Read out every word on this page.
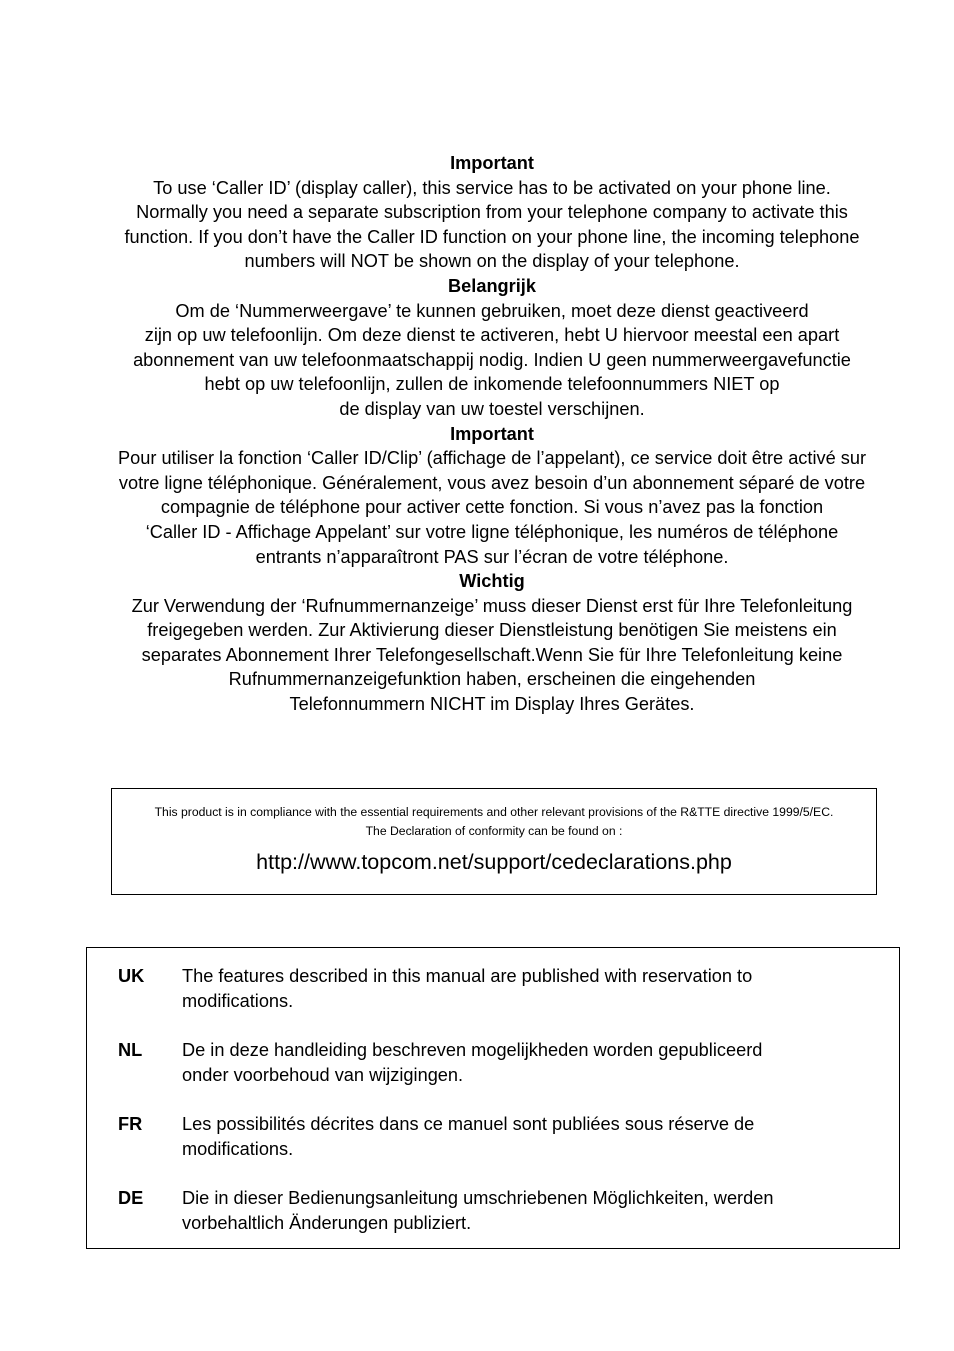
Important
To use ‘Caller ID’ (display caller), this service has to be activated on your phone line.
Normally you need a separate subscription from your telephone company to activate this
function. If you don’t have the Caller ID function on your phone line, the incoming telephone
numbers will NOT be shown on the display of your telephone.
Belangrijk
Om de ‘Nummerweergave’ te kunnen gebruiken, moet deze dienst geactiveerd
zijn op uw telefoonlijn. Om deze dienst te activeren, hebt U hiervoor meestal een apart
abonnement van uw telefoonmaatschappij nodig. Indien U geen nummerweergavefunctie
hebt op uw telefoonlijn, zullen de inkomende telefoonnummers NIET op
de display van uw toestel verschijnen.
Important
Pour utiliser la fonction ‘Caller ID/Clip’ (affichage de l’appelant), ce service doit être activé sur
votre ligne téléphonique. Généralement, vous avez besoin d’un abonnement séparé de votre
compagnie de téléphone pour activer cette fonction. Si vous n’avez pas la fonction
‘Caller ID - Affichage Appelant’ sur votre ligne téléphonique, les numéros de téléphone
entrants n’apparaîtront PAS sur l’écran de votre téléphone.
Wichtig
Zur Verwendung der ‘Rufnummernanzeige’ muss dieser Dienst erst für Ihre Telefonleitung
freigegeben werden. Zur Aktivierung dieser Dienstleistung benötigen Sie meistens ein
separates Abonnement Ihrer Telefongesellschaft.Wenn Sie für Ihre Telefonleitung keine
Rufnummernanzeigefunktion haben, erscheinen die eingehenden
Telefonnummern NICHT im Display Ihres Gerätes.
This product is in compliance with the essential requirements and other relevant provisions of the R&TTE directive 1999/5/EC.
The Declaration of conformity can be found on :
http://www.topcom.net/support/cedeclarations.php
UK The features described in this manual are published with reservation to
modifications.
NL De in deze handleiding beschreven mogelijkheden worden gepubliceerd
onder voorbehoud van wijzigingen.
FR Les possibilités décrites dans ce manuel sont publiées sous réserve de
modifications.
DE Die in dieser Bedienungsanleitung umschriebenen Möglichkeiten, werden
vorbehaltlich Änderungen publiziert.
